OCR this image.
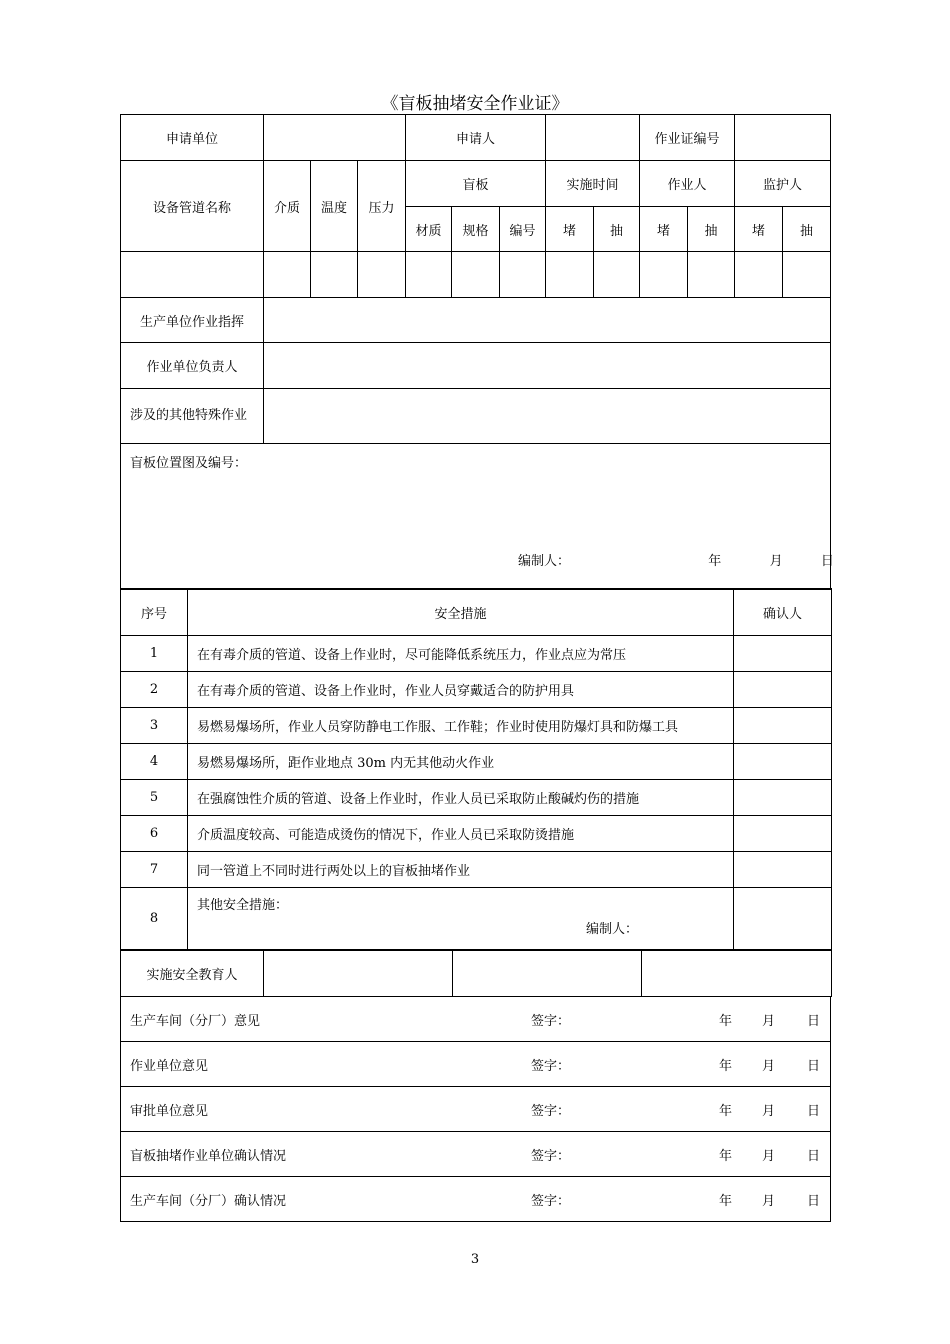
《盲板抽堵安全作业证》
申请单位				申请人					作业证编号			
设备管道名称	介质	温度	压力	盲板			实施时间		作业人		监护人	
				材质	规格	编号	堵	抽	堵	抽	堵	抽

生产单位作业指挥												
作业单位负责人												
涉及的其他特殊作业												
盲板位置图及编号：
编制人： 年 月 日												
序号	安全措施	确认人
1	在有毒介质的管道、设备上作业时，尽可能降低系统压力，作业点应为常压	
2	在有毒介质的管道、设备上作业时，作业人员穿戴适合的防护用具	
3	易燃易爆场所，作业人员穿防静电工作服、工作鞋；作业时使用防爆灯具和防爆工具	
4	易燃易爆场所，距作业地点 30m 内无其他动火作业	
5	在强腐蚀性介质的管道、设备上作业时，作业人员已采取防止酸碱灼伤的措施	
6	介质温度较高、可能造成烫伤的情况下，作业人员已采取防烫措施	
7	同一管道上不同时进行两处以上的盲板抽堵作业	
8	其他安全措施：
编制人：	

实施安全教育人			
生产车间（分厂）意见	签字：	年 月 日

作业单位意见	签字：	年 月 日

审批单位意见	签字：	年 月 日

盲板抽堵作业单位确认情况	签字：	年 月 日

生产车间（分厂）确认情况	签字：	年 月 日
3
